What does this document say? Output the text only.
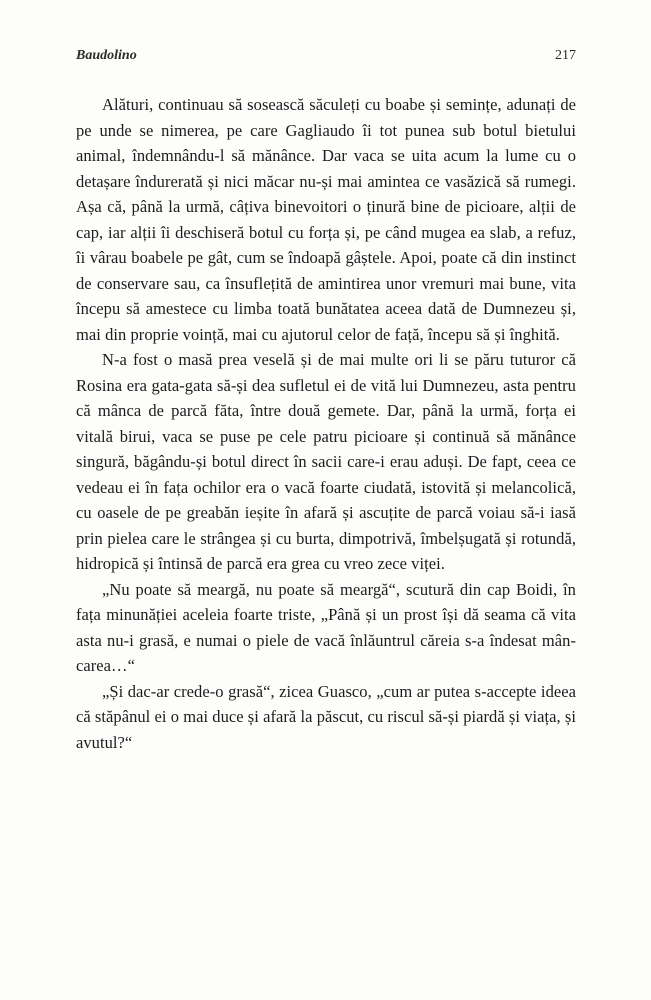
Baudolino	217

Alături, continuau să sosească săculeți cu boabe și semințe, adunați de pe unde se nimerea, pe care Gagliaudo îi tot punea sub botul bietului animal, îndemnându-l să mănânce. Dar vaca se uita acum la lume cu o detașare îndurerată și nici măcar nu-și mai amintea ce vasăzică să rumegi. Așa că, până la urmă, câțiva binevoitori o ținură bine de picioare, alții de cap, iar alții îi deschiseră botul cu forța și, pe când mugea ea slab, a refuz, îi vârau boabele pe gât, cum se îndoapă gâștele. Apoi, poate că din instinct de conservare sau, ca însuflețită de amintirea unor vremuri mai bune, vita începu să amestece cu limba toată bunătatea aceea dată de Dumnezeu și, mai din proprie voință, mai cu ajutorul celor de față, începu să și înghită.

N-a fost o masă prea veselă și de mai multe ori li se păru tuturor că Rosina era gata-gata să-și dea sufletul ei de vită lui Dumnezeu, asta pentru că mânca de parcă făta, între două gemete. Dar, până la urmă, forța ei vitală birui, vaca se puse pe cele patru picioare și continuă să mănânce singură, băgându-și botul direct în sacii care-i erau aduși. De fapt, ceea ce vedeau ei în fața ochilor era o vacă foarte ciudată, istovită și melancolică, cu oasele de pe greabăn ieșite în afară și ascuțite de parcă voiau să-i iasă prin pielea care le strângea și cu burta, dimpotrivă, îmbelșugată și rotundă, hidropică și întinsă de parcă era grea cu vreo zece viței.

„Nu poate să meargă, nu poate să meargă“, scutură din cap Boidi, în fața minunăției aceleia foarte triste, „Până și un prost își dă seama că vita asta nu-i grasă, e numai o piele de vacă înlăuntrul căreia s-a îndesat mâncarea…“

„Și dac-ar crede-o grasă“, zicea Guasco, „cum ar putea s-accepte ideea că stăpânul ei o mai duce și afară la păscut, cu riscul să-și piardă și viața, și avutul?“
